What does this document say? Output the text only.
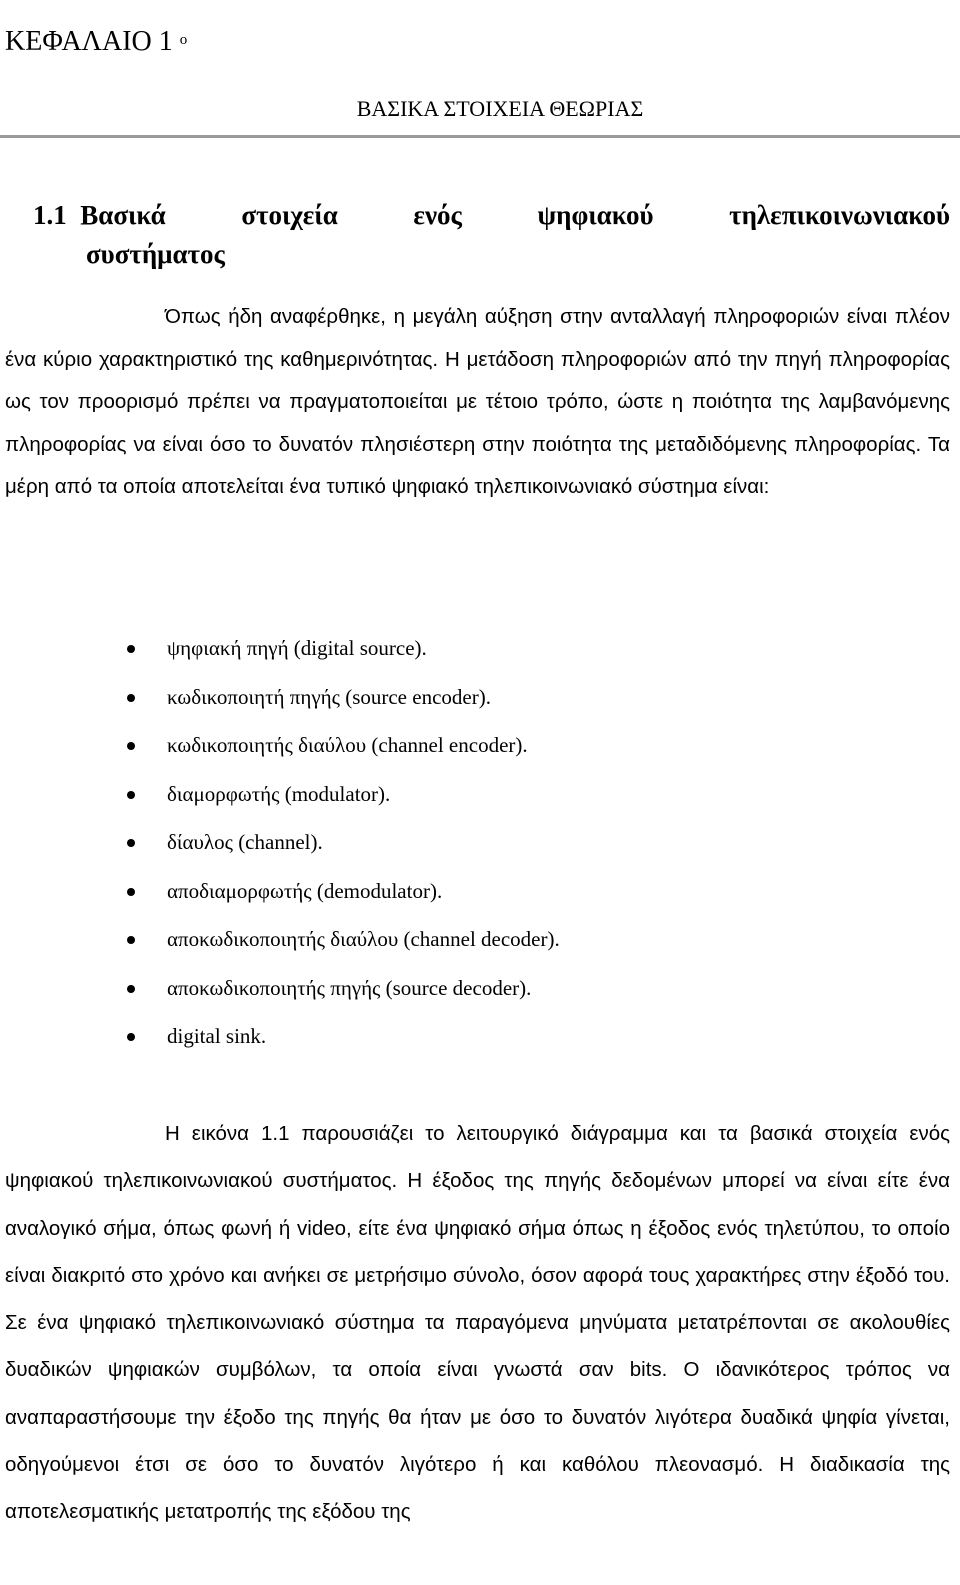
ΚΕΦΑΛΑΙΟ 1 $^o$
ΒΑΣΙΚΑ ΣΤΟΙΧΕΙΑ ΘΕΩΡΙΑΣ
1.1 Βασικά	στοιχεία	ενός	ψηφιακού	τηλεπικοινωνιακού
συστήματος
Όπως ήδη αναφέρθηκε, η μεγάλη αύξηση στην ανταλλαγή πληροφοριών είναι πλέον ένα κύριο χαρακτηριστικό της καθημερινότητας. Η μετάδοση πληροφοριών από την πηγή πληροφορίας ως τον προορισμό πρέπει να πραγματοποιείται με τέτοιο τρόπο, ώστε η ποιότητα της λαμβανόμενης πληροφορίας να είναι όσο το δυνατόν πλησιέστερη στην ποιότητα της μεταδιδόμενης πληροφορίας. Τα μέρη από τα οποία αποτελείται ένα τυπικό ψηφιακό τηλεπικοινωνιακό σύστημα είναι:
ψηφιακή πηγή (digital source).
κωδικοποιητή πηγής (source encoder).
κωδικοποιητής διαύλου (channel encoder).
διαμορφωτής (modulator).
δίαυλος (channel).
αποδιαμορφωτής (demodulator).
αποκωδικοποιητής διαύλου (channel decoder).
αποκωδικοποιητής πηγής (source decoder).
digital sink.
Η εικόνα 1.1 παρουσιάζει το λειτουργικό διάγραμμα και τα βασικά στοιχεία ενός ψηφιακού τηλεπικοινωνιακού συστήματος. Η έξοδος της πηγής δεδομένων μπορεί να είναι είτε ένα αναλογικό σήμα, όπως φωνή ή video, είτε ένα ψηφιακό σήμα όπως η έξοδος ενός τηλετύπου, το οποίο είναι διακριτό στο χρόνο και ανήκει σε μετρήσιμο σύνολο, όσον αφορά τους χαρακτήρες στην έξοδό του. Σε ένα ψηφιακό τηλεπικοινωνιακό σύστημα τα παραγόμενα μηνύματα μετατρέπονται σε ακολουθίες δυαδικών ψηφιακών συμβόλων, τα οποία είναι γνωστά σαν bits. Ο ιδανικότερος τρόπος να αναπαραστήσουμε την έξοδο της πηγής θα ήταν με όσο το δυνατόν λιγότερα δυαδικά ψηφία γίνεται, οδηγούμενοι έτσι σε όσο το δυνατόν λιγότερο ή και καθόλου πλεονασμό. Η διαδικασία της αποτελεσματικής μετατροπής της εξόδου της
